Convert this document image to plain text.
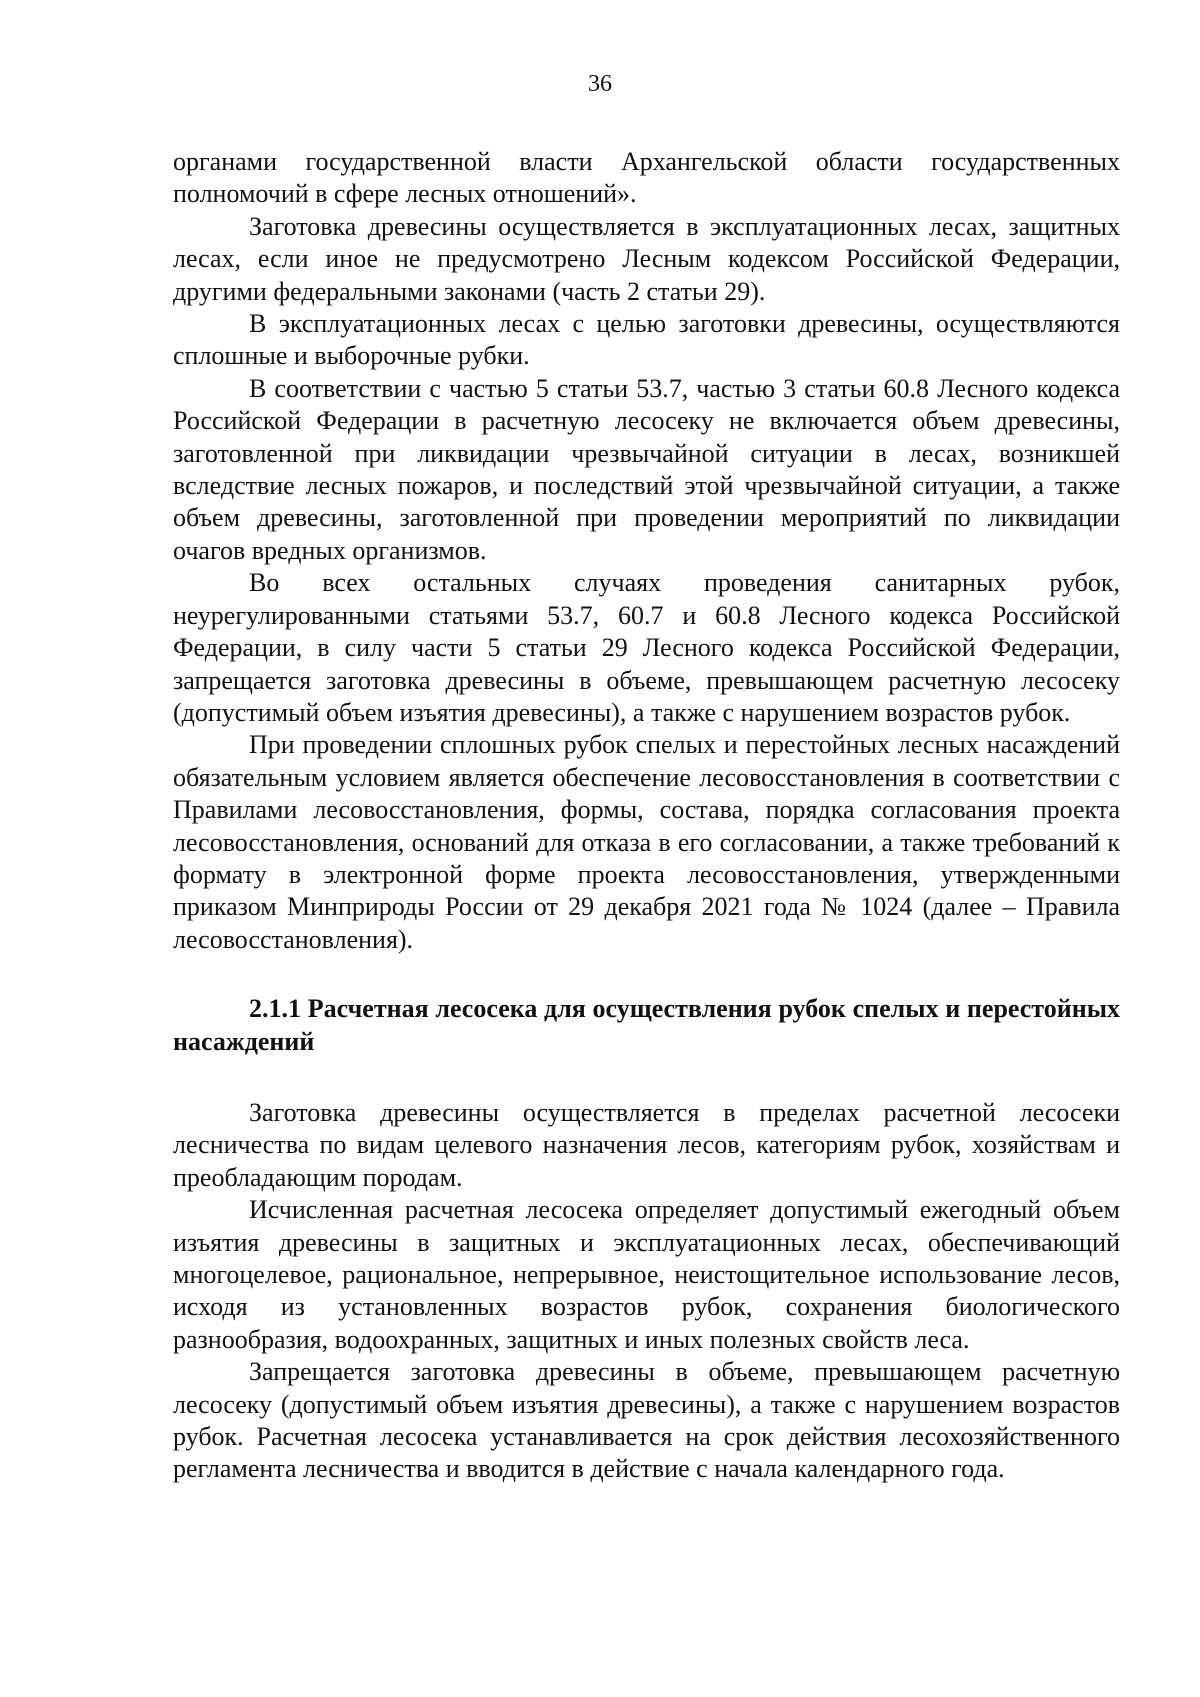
36

органами государственной власти Архангельской области государственных полномочий в сфере лесных отношений».

Заготовка древесины осуществляется в эксплуатационных лесах, защитных лесах, если иное не предусмотрено Лесным кодексом Российской Федерации, другими федеральными законами (часть 2 статьи 29).

В эксплуатационных лесах с целью заготовки древесины, осуществляются сплошные и выборочные рубки.

В соответствии с частью 5 статьи 53.7, частью 3 статьи 60.8 Лесного кодекса Российской Федерации в расчетную лесосеку не включается объем древесины, заготовленной при ликвидации чрезвычайной ситуации в лесах, возникшей вследствие лесных пожаров, и последствий этой чрезвычайной ситуации, а также объем древесины, заготовленной при проведении мероприятий по ликвидации очагов вредных организмов.

Во всех остальных случаях проведения санитарных рубок, неурегулированными статьями 53.7, 60.7 и 60.8 Лесного кодекса Российской Федерации, в силу части 5 статьи 29 Лесного кодекса Российской Федерации, запрещается заготовка древесины в объеме, превышающем расчетную лесосеку (допустимый объем изъятия древесины), а также с нарушением возрастов рубок.

При проведении сплошных рубок спелых и перестойных лесных насаждений обязательным условием является обеспечение лесовосстановления в соответствии с Правилами лесовосстановления, формы, состава, порядка согласования проекта лесовосстановления, оснований для отказа в его согласовании, а также требований к формату в электронной форме проекта лесовосстановления, утвержденными приказом Минприроды России от 29 декабря 2021 года № 1024 (далее – Правила лесовосстановления).

2.1.1 Расчетная лесосека для осуществления рубок спелых и перестойных насаждений

Заготовка древесины осуществляется в пределах расчетной лесосеки лесничества по видам целевого назначения лесов, категориям рубок, хозяйствам и преобладающим породам.

Исчисленная расчетная лесосека определяет допустимый ежегодный объем изъятия древесины в защитных и эксплуатационных лесах, обеспечивающий многоцелевое, рациональное, непрерывное, неистощительное использование лесов, исходя из установленных возрастов рубок, сохранения биологического разнообразия, водоохранных, защитных и иных полезных свойств леса.

Запрещается заготовка древесины в объеме, превышающем расчетную лесосеку (допустимый объем изъятия древесины), а также с нарушением возрастов рубок. Расчетная лесосека устанавливается на срок действия лесохозяйственного регламента лесничества и вводится в действие с начала календарного года.
